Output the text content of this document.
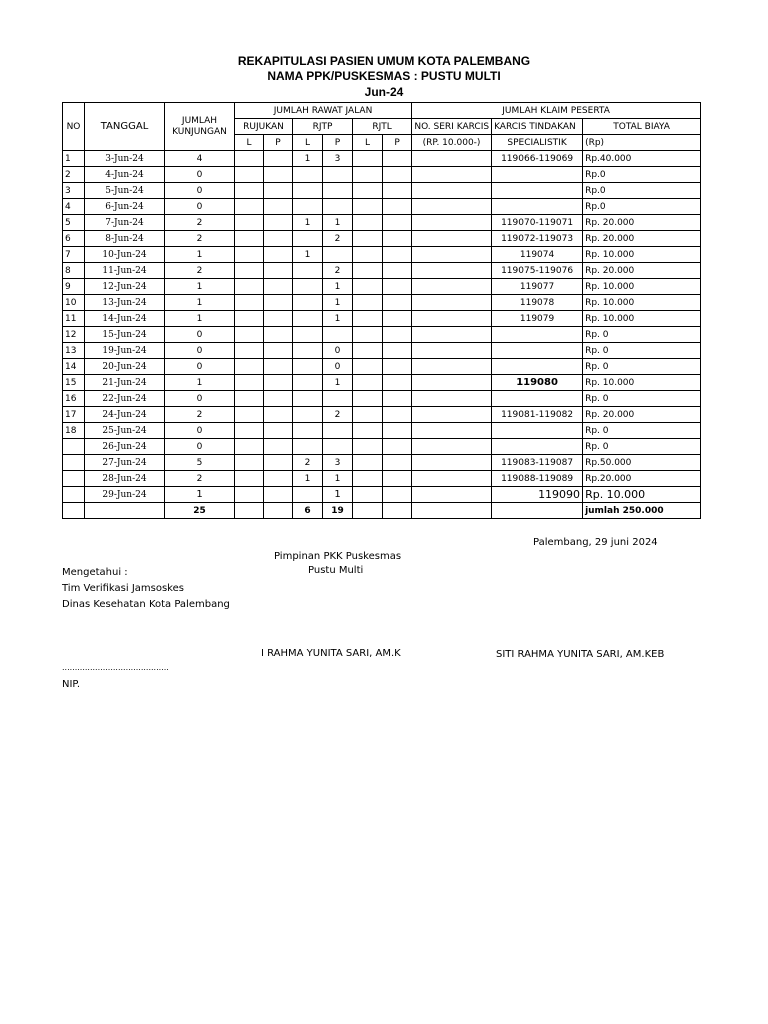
REKAPITULASI PASIEN UMUM KOTA PALEMBANG
NAMA PPK/PUSKESMAS : PUSTU MULTI
Jun-24
NO	TANGGAL	JUMLAH KUNJUNGAN	JUMLAH RAWAT JALAN						JUMLAH KLAIM PESERTA		
			RUJUKAN		RJTP		RJTL		NO. SERI KARCIS	KARCIS TINDAKAN	TOTAL BIAYA
			L	P	L	P	L	P	(RP. 10.000-)	SPECIALISTIK	(Rp)
1	3-Jun-24	4			1	3				119066-119069	Rp.40.000
2	4-Jun-24	0									Rp.0
3	5-Jun-24	0									Rp.0
4	6-Jun-24	0									Rp.0
5	7-Jun-24	2			1	1				119070-119071	Rp. 20.000
6	8-Jun-24	2				2				119072-119073	Rp. 20.000
7	10-Jun-24	1			1					119074	Rp. 10.000
8	11-Jun-24	2				2				119075-119076	Rp. 20.000
9	12-Jun-24	1				1				119077	Rp. 10.000
10	13-Jun-24	1				1				119078	Rp. 10.000
11	14-Jun-24	1				1				119079	Rp. 10.000
12	15-Jun-24	0									Rp. 0
13	19-Jun-24	0				0					Rp. 0
14	20-Jun-24	0				0					Rp. 0
15	21-Jun-24	1				1				119080	Rp. 10.000
16	22-Jun-24	0									Rp. 0
17	24-Jun-24	2				2				119081-119082	Rp. 20.000
18	25-Jun-24	0									Rp. 0
	26-Jun-24	0									Rp. 0
	27-Jun-24	5			2	3				119083-119087	Rp.50.000
	28-Jun-24	2			1	1				119088-119089	Rp.20.000
	29-Jun-24	1				1				119090	Rp. 10.000
		25			6	19					jumlah 250.000
Palembang, 29 juni 2024
Pimpinan PKK Puskesmas
Pustu Multi
Mengetahui :
Tim Verifikasi Jamsoskes
Dinas Kesehatan Kota Palembang
I RAHMA YUNITA SARI, AM.K	SITI RAHMA YUNITA SARI, AM.KEB
..........................................
NIP.
